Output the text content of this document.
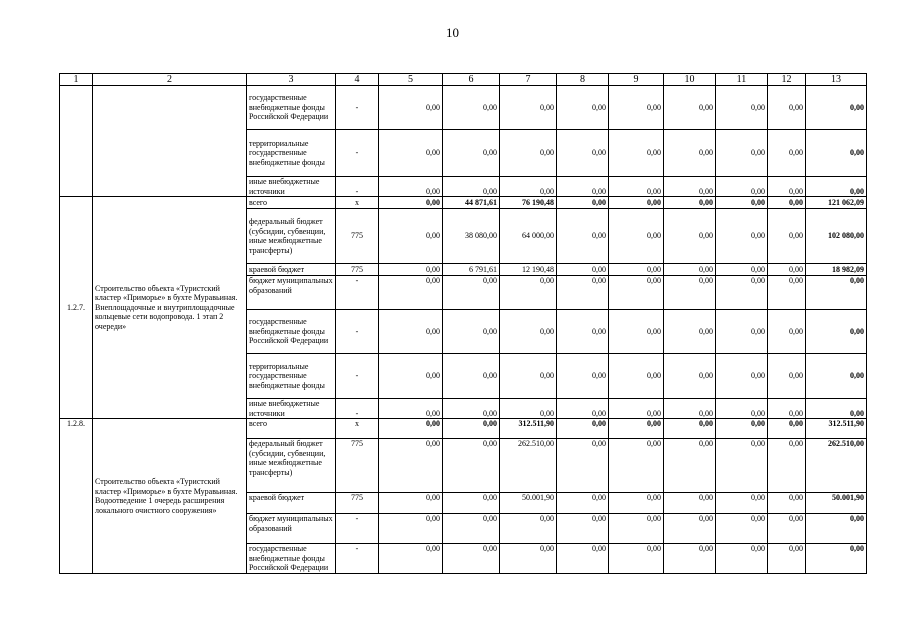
10
1	2	3	4	5	6	7	8	9	10	11	12	13
		государственные внебюджетные фонды Российской Федерации	-	0,00	0,00	0,00	0,00	0,00	0,00	0,00	0,00	0,00
		территориальные государственные внебюджетные фонды	-	0,00	0,00	0,00	0,00	0,00	0,00	0,00	0,00	0,00
		иные внебюджетные источники	-	0,00	0,00	0,00	0,00	0,00	0,00	0,00	0,00	0,00
1.2.7.	Строительство объекта «Туристский кластер «Приморье» в бухте Муравьиная. Внеплощадочные и внутриплощадочные кольцевые сети водопровода. 1 этап 2 очереди»	всего	х	0,00	44 871,61	76 190,48	0,00	0,00	0,00	0,00	0,00	121 062,09
		федеральный бюджет (субсидии, субвенции, иные межбюджетные трансферты)	775	0,00	38 080,00	64 000,00	0,00	0,00	0,00	0,00	0,00	102 080,00
		краевой бюджет	775	0,00	6 791,61	12 190,48	0,00	0,00	0,00	0,00	0,00	18 982,09
		бюджет муниципальных образований	-	0,00	0,00	0,00	0,00	0,00	0,00	0,00	0,00	0,00
		государственные внебюджетные фонды Российской Федерации	-	0,00	0,00	0,00	0,00	0,00	0,00	0,00	0,00	0,00
		территориальные государственные внебюджетные фонды	-	0,00	0,00	0,00	0,00	0,00	0,00	0,00	0,00	0,00
		иные внебюджетные источники	-	0,00	0,00	0,00	0,00	0,00	0,00	0,00	0,00	0,00
1.2.8.	Строительство объекта «Туристский кластер «Приморье» в бухте Муравьиная. Водоотведение 1 очередь расширения локального очистного сооружения»	всего	х	0,00	0,00	312.511,90	0,00	0,00	0,00	0,00	0,00	312.511,90
		федеральный бюджет (субсидии, субвенции, иные межбюджетные трансферты)	775	0,00	0,00	262.510,00	0,00	0,00	0,00	0,00	0,00	262.510,00
		краевой бюджет	775	0,00	0,00	50.001,90	0,00	0,00	0,00	0,00	0,00	50.001,90
		бюджет муниципальных образований	-	0,00	0,00	0,00	0,00	0,00	0,00	0,00	0,00	0,00
		государственные внебюджетные фонды Российской Федерации	-	0,00	0,00	0,00	0,00	0,00	0,00	0,00	0,00	0,00
